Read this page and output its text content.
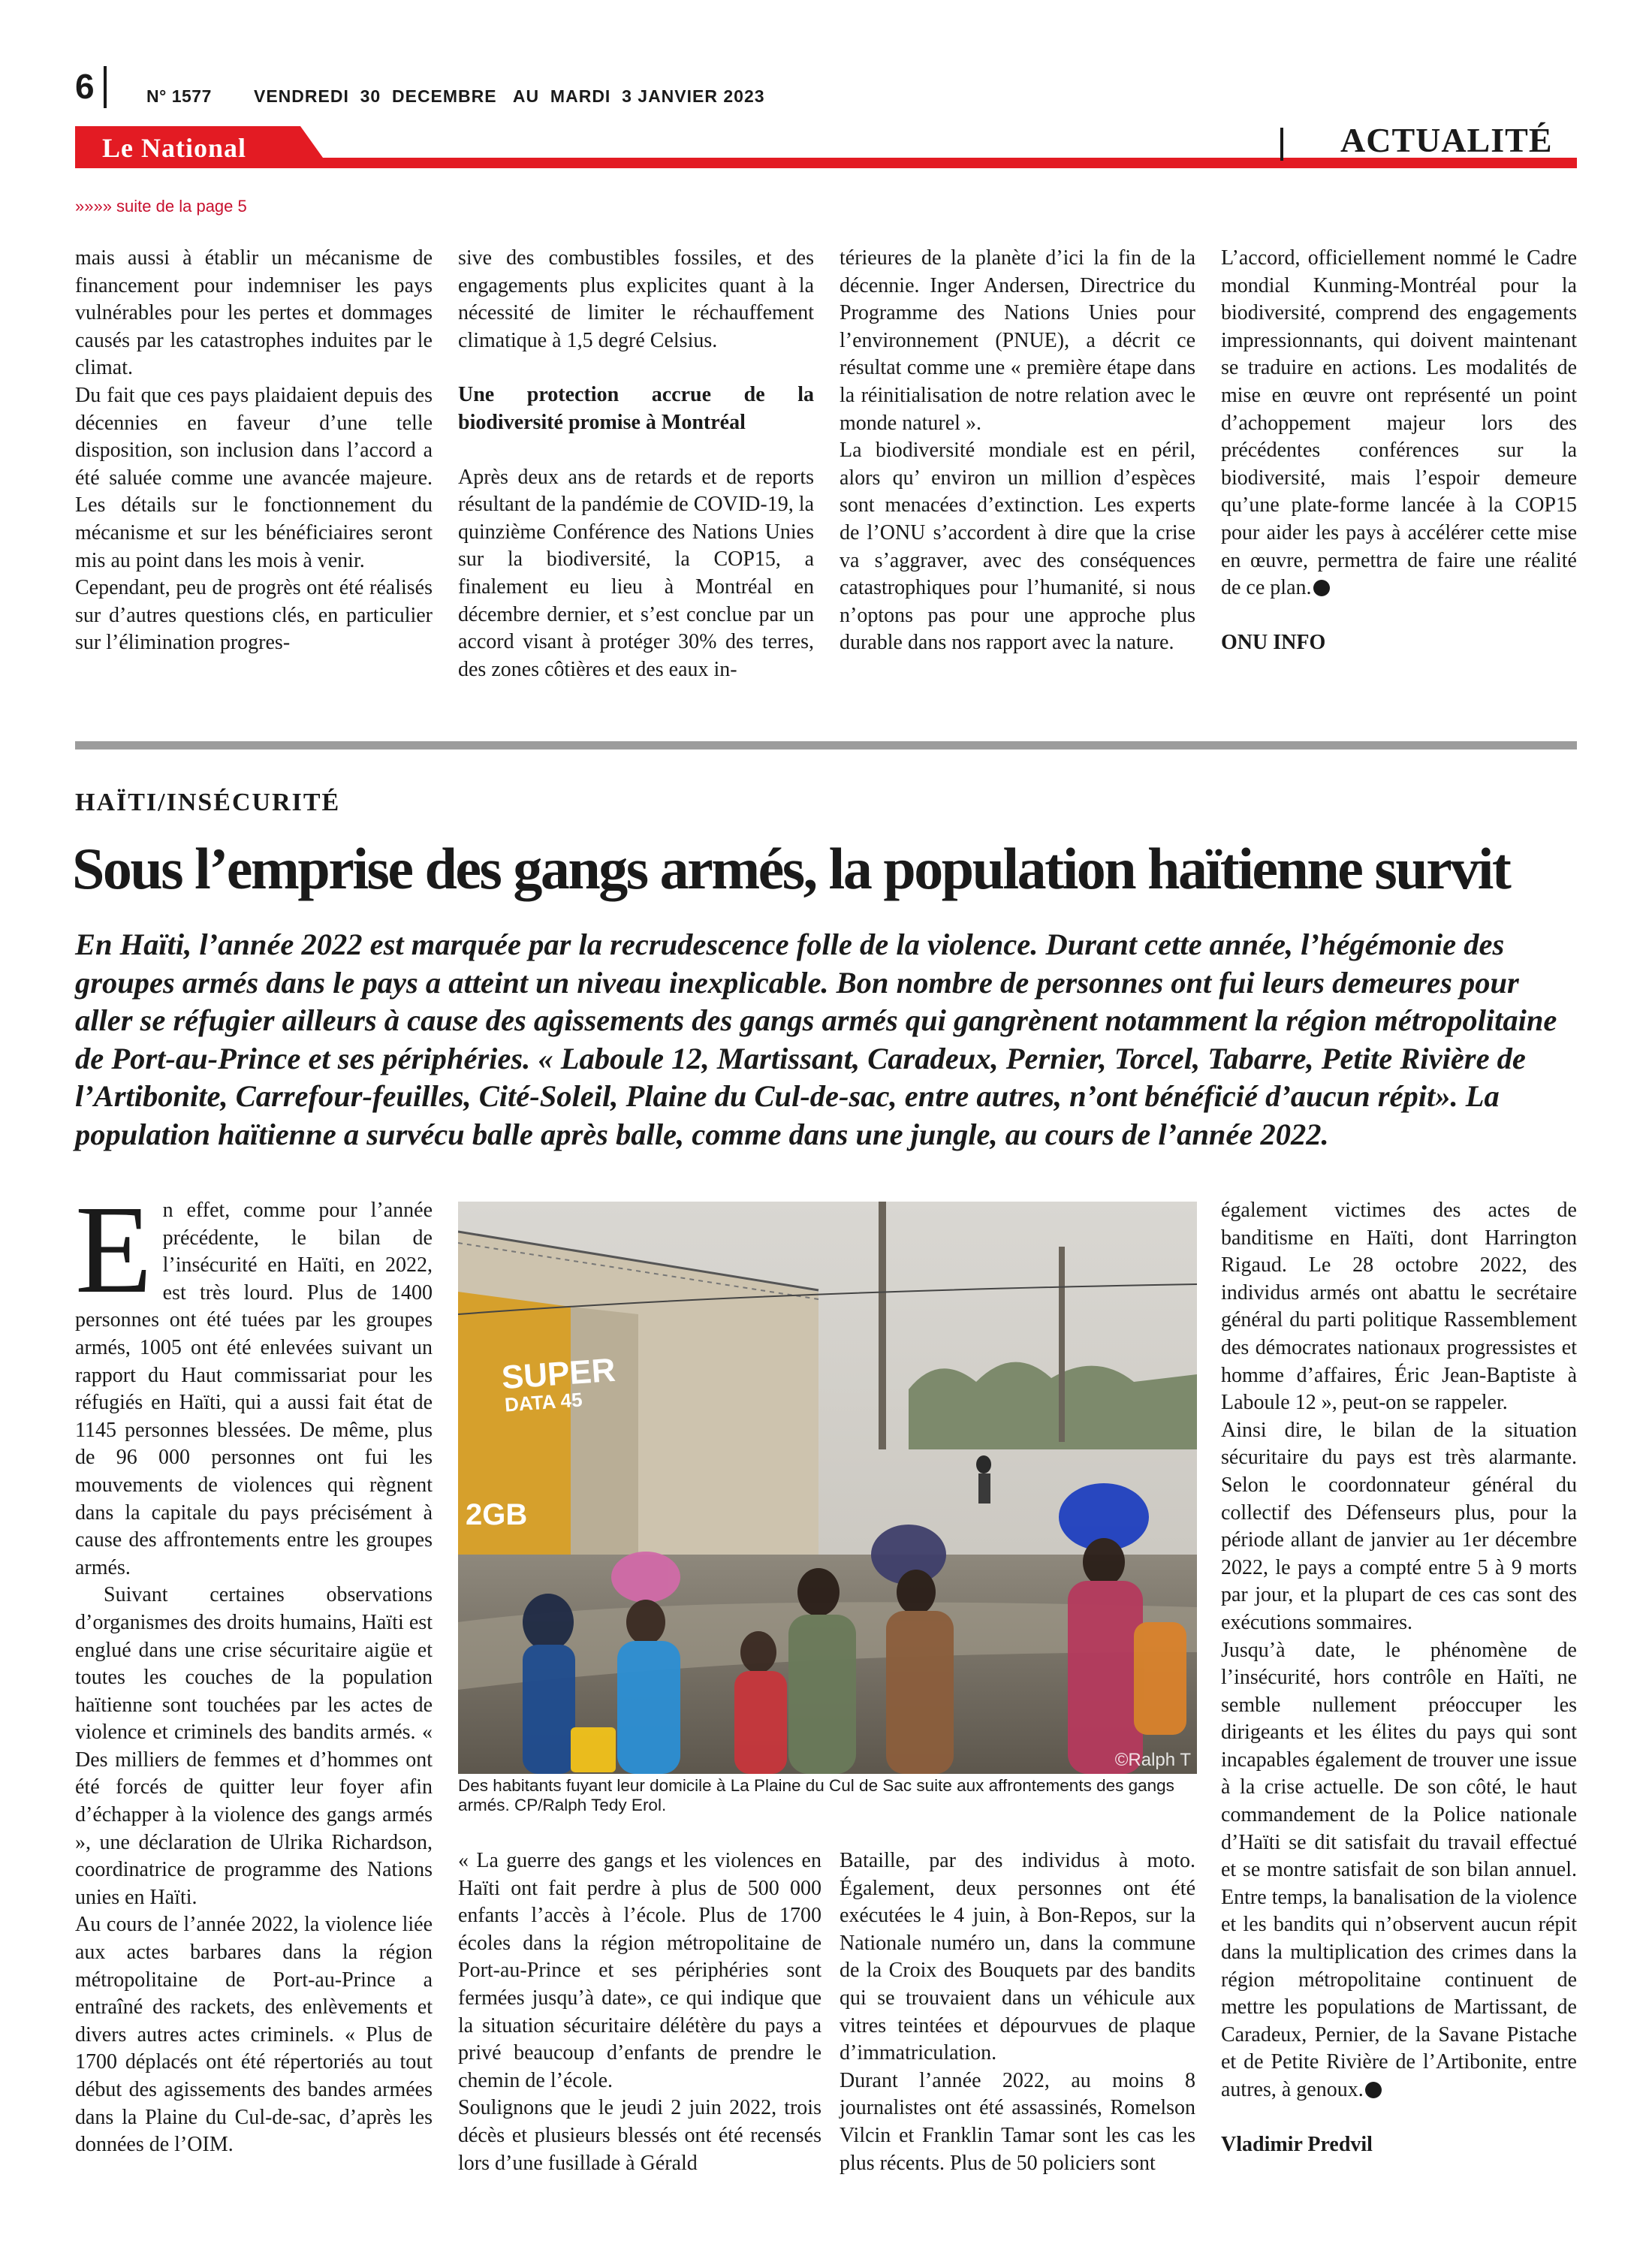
6	N° 1577 VENDREDI  30  DECEMBRE   AU  MARDI  3 JANVIER 2023
Le National	ACTUALITÉ
»»»» suite de la page 5

mais aussi à établir un mécanisme de financement pour indemniser les pays vulnérables pour les pertes et dommages causés par les catastrophes induites par le climat.

Du fait que ces pays plaidaient depuis des décennies en faveur d’une telle disposition, son inclusion dans l’accord a été saluée comme une avancée majeure. Les détails sur le fonctionnement du mécanisme et sur les bénéficiaires seront mis au point dans les mois à venir.

Cependant, peu de progrès ont été réalisés sur d’autres questions clés, en particulier sur l’élimination progres-

sive des combustibles fossiles, et des engagements plus explicites quant à la nécessité de limiter le réchauffement climatique à 1,5 degré Celsius.

Une protection accrue de la biodiversité promise à Montréal

Après deux ans de retards et de reports résultant de la pandémie de COVID-19, la quinzième Conférence des Nations Unies sur la biodiversité, la COP15, a finalement eu lieu à Montréal en décembre dernier, et s’est conclue par un accord visant à protéger 30% des terres, des zones côtières et des eaux in-

térieures de la planète d’ici la fin de la décennie. Inger Andersen, Directrice du Programme des Nations Unies pour l’environnement (PNUE), a décrit ce résultat comme une « première étape dans la réinitialisation de notre relation avec le monde naturel ».

La biodiversité mondiale est en péril, alors qu’ environ un million d’espèces sont menacées d’extinction. Les experts de l’ONU s’accordent à dire que la crise va s’aggraver, avec des conséquences catastrophiques pour l’humanité, si nous n’optons pas pour une approche plus durable dans nos rapport avec la nature.

L’accord, officiellement nommé le Cadre mondial Kunming-Montréal pour la biodiversité, comprend des engagements impressionnants, qui doivent maintenant se traduire en actions. Les modalités de mise en œuvre ont représenté un point d’achoppement majeur lors des précédentes conférences sur la biodiversité, mais l’espoir demeure qu’une plate-forme lancée à la COP15 pour aider les pays à accélérer cette mise en œuvre, permettra de faire une réalité de ce plan.

ONU INFO

HAÏTI/INSÉCURITÉ
Sous l’emprise des gangs armés, la population haïtienne survit
En Haïti, l’année 2022 est marquée par la recrudescence folle de la violence. Durant cette année, l’hégémonie des groupes armés dans le pays a atteint un niveau inexplicable. Bon nombre de personnes ont fui leurs demeures pour aller se réfugier ailleurs à cause des agissements des gangs armés qui gangrènent notamment la région métropolitaine de Port-au-Prince et ses périphéries. « Laboule 12, Martissant, Caradeux, Pernier, Torcel, Tabarre, Petite Rivière de l’Artibonite, Carrefour-feuilles, Cité-Soleil, Plaine du Cul-de-sac, entre autres, n’ont bénéficié d’aucun répit». La population haïtienne a survécu balle après balle, comme dans une jungle, au cours de l’année 2022.

En effet, comme pour l’année précédente, le bilan de l’insécurité en Haïti, en 2022, est très lourd. Plus de 1400 personnes ont été tuées par les groupes armés, 1005 ont été enlevées suivant un rapport du Haut commissariat pour les réfugiés en Haïti, qui a aussi fait état de 1145 personnes blessées. De même, plus de 96 000 personnes ont fui les mouvements de violences qui règnent dans la capitale du pays précisément à cause des affrontements entre les groupes armés.

Suivant certaines observations d’organismes des droits humains, Haïti est englué dans une crise sécuritaire aigüe et toutes les couches de la population haïtienne sont touchées par les actes de violence et criminels des bandits armés. « Des milliers de femmes et d’hommes ont été forcés de quitter leur foyer afin d’échapper à la violence des gangs armés », une déclaration de Ulrika Richardson, coordinatrice de programme des Nations unies en Haïti.

Au cours de l’année 2022, la violence liée aux actes barbares dans la région métropolitaine de Port-au-Prince a entraîné des rackets, des enlèvements et divers autres actes criminels. « Plus de 1700 déplacés ont été répertoriés au tout début des agissements des bandes armées dans la Plaine du Cul-de-sac, d’après les données de l’OIM.

SUPER
DATA 45
2GB
©Ralph T
Des habitants fuyant leur domicile à La Plaine du Cul de Sac suite aux affrontements des gangs armés. CP/Ralph Tedy Erol.

« La guerre des gangs et les violences en Haïti ont fait perdre à plus de 500 000 enfants l’accès à l’école. Plus de 1700 écoles dans la région métropolitaine de Port-au-Prince et ses périphéries sont fermées jusqu’à date», ce qui indique que la situation sécuritaire délétère du pays a privé beaucoup d’enfants de prendre le chemin de l’école.

Soulignons que le jeudi 2 juin 2022, trois décès et plusieurs blessés ont été recensés lors d’une fusillade à Gérald

Bataille, par des individus à moto. Également, deux personnes ont été exécutées le 4 juin, à Bon-Repos, sur la Nationale numéro un, dans la commune de la Croix des Bouquets par des bandits qui se trouvaient dans un véhicule aux vitres teintées et dépourvues de plaque d’immatriculation.

Durant l’année 2022, au moins 8 journalistes ont été assassinés, Romelson Vilcin et Franklin Tamar sont les cas les plus récents. Plus de 50 policiers sont

également victimes des actes de banditisme en Haïti, dont Harrington Rigaud. Le 28 octobre 2022, des individus armés ont abattu le secrétaire général du parti politique Rassemblement des démocrates nationaux progressistes et homme d’affaires, Éric Jean-Baptiste à Laboule 12 », peut-on se rappeler.

Ainsi dire, le bilan de la situation sécuritaire du pays est très alarmante. Selon le coordonnateur général du collectif des Défenseurs plus, pour la période allant de janvier au 1er décembre 2022, le pays a compté entre 5 à 9 morts par jour, et la plupart de ces cas sont des exécutions sommaires.

Jusqu’à date, le phénomène de l’insécurité, hors contrôle en Haïti, ne semble nullement préoccuper les dirigeants et les élites du pays qui sont incapables également de trouver une issue à la crise actuelle. De son côté, le haut commandement de la Police nationale d’Haïti se dit satisfait du travail effectué et se montre satisfait de son bilan annuel. Entre temps, la banalisation de la violence et les bandits qui n’observent aucun répit dans la multiplication des crimes dans la région métropolitaine continuent de mettre les populations de Martissant, de Caradeux, Pernier, de la Savane Pistache et de Petite Rivière de l’Artibonite, entre autres, à genoux.

Vladimir Predvil
